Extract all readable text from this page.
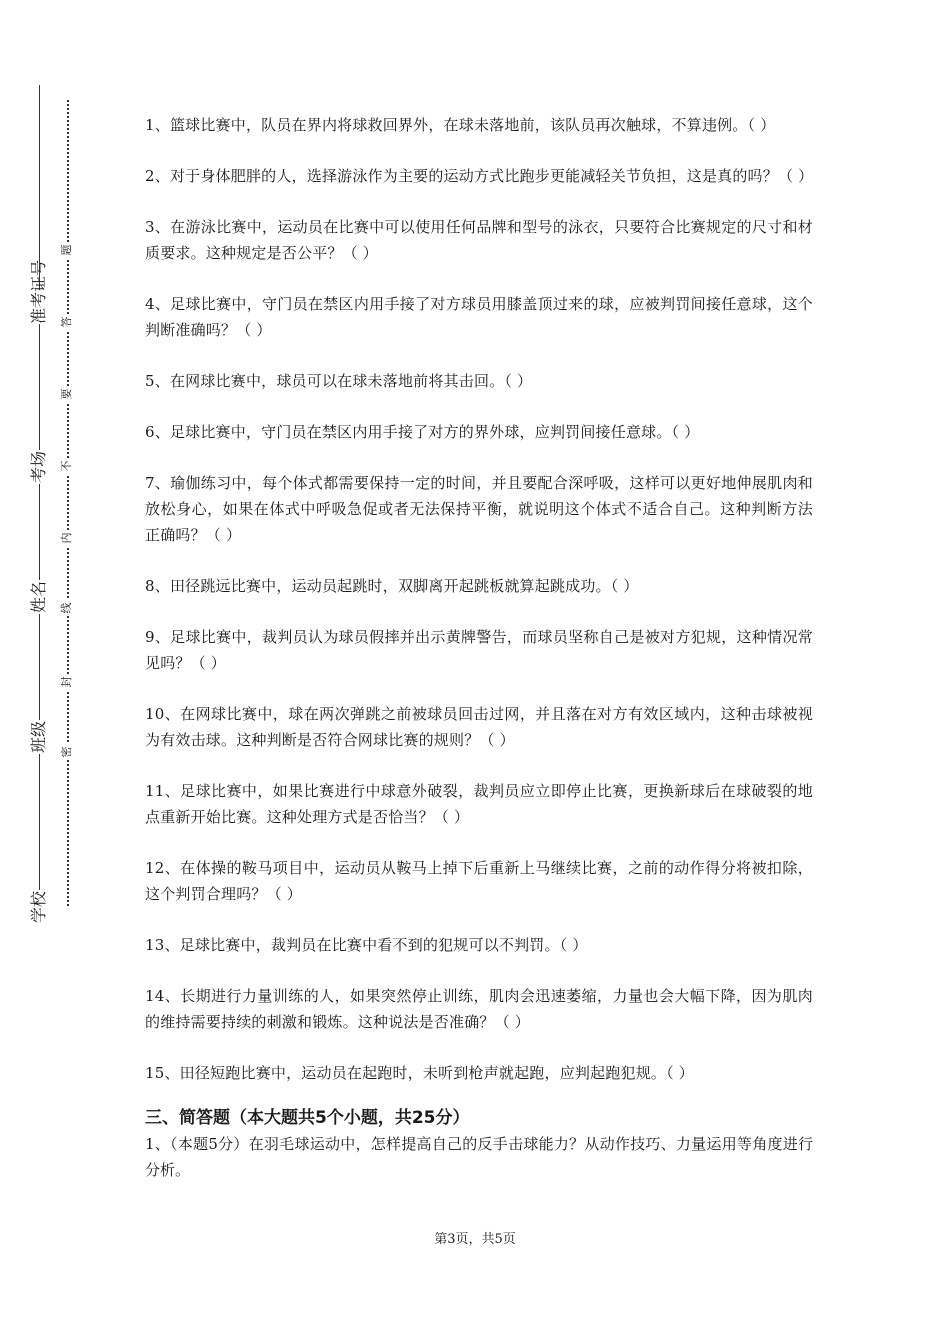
学校
班级
姓名
考场
准考证号
密
封
线
内
不
要
答
题

1、篮球比赛中，队员在界内将球救回界外，在球未落地前，该队员再次触球，不算违例。（ ）

2、对于身体肥胖的人，选择游泳作为主要的运动方式比跑步更能减轻关节负担，这是真的吗？（ ）

3、在游泳比赛中，运动员在比赛中可以使用任何品牌和型号的泳衣，只要符合比赛规定的尺寸和材质要求。这种规定是否公平？（ ）

4、足球比赛中，守门员在禁区内用手接了对方球员用膝盖顶过来的球，应被判罚间接任意球，这个判断准确吗？（ ）

5、在网球比赛中，球员可以在球未落地前将其击回。（ ）

6、足球比赛中，守门员在禁区内用手接了对方的界外球，应判罚间接任意球。（ ）

7、瑜伽练习中，每个体式都需要保持一定的时间，并且要配合深呼吸，这样可以更好地伸展肌肉和放松身心，如果在体式中呼吸急促或者无法保持平衡，就说明这个体式不适合自己。这种判断方法正确吗？（ ）

8、田径跳远比赛中，运动员起跳时，双脚离开起跳板就算起跳成功。（ ）

9、足球比赛中，裁判员认为球员假摔并出示黄牌警告，而球员坚称自己是被对方犯规，这种情况常见吗？（ ）

10、在网球比赛中，球在两次弹跳之前被球员回击过网，并且落在对方有效区域内，这种击球被视为有效击球。这种判断是否符合网球比赛的规则？（ ）

11、足球比赛中，如果比赛进行中球意外破裂，裁判员应立即停止比赛，更换新球后在球破裂的地点重新开始比赛。这种处理方式是否恰当？（ ）

12、在体操的鞍马项目中，运动员从鞍马上掉下后重新上马继续比赛，之前的动作得分将被扣除，这个判罚合理吗？（ ）

13、足球比赛中，裁判员在比赛中看不到的犯规可以不判罚。（ ）

14、长期进行力量训练的人，如果突然停止训练，肌肉会迅速萎缩，力量也会大幅下降，因为肌肉的维持需要持续的刺激和锻炼。这种说法是否准确？（ ）

15、田径短跑比赛中，运动员在起跑时，未听到枪声就起跑，应判起跑犯规。（ ）

三、简答题（本大题共5个小题，共25分）

1、（本题5分）在羽毛球运动中，怎样提高自己的反手击球能力？从动作技巧、力量运用等角度进行分析。

第3页，共5页
